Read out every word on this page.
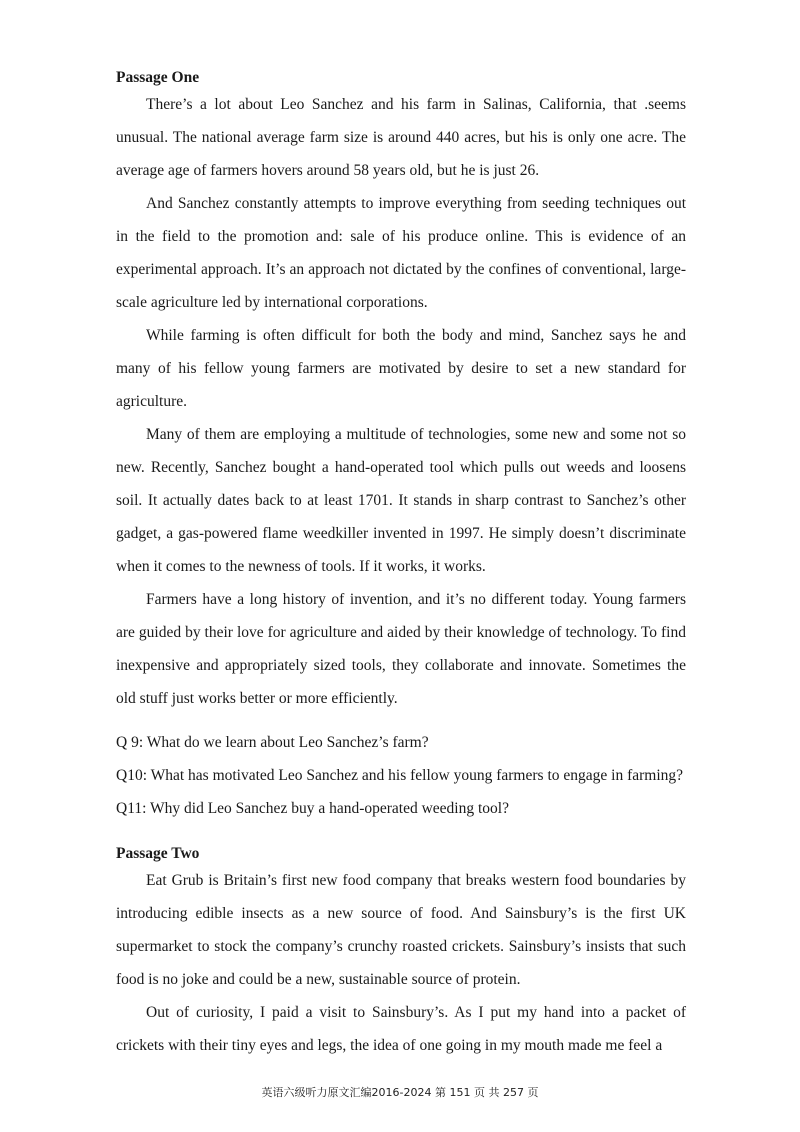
Passage One

There’s a lot about Leo Sanchez and his farm in Salinas, California, that .seems unusual. The national average farm size is around 440 acres, but his is only one acre. The average age of farmers hovers around 58 years old, but he is just 26.

And Sanchez constantly attempts to improve everything from seeding techniques out in the field to the promotion and: sale of his produce online. This is evidence of an experimental approach. It’s an approach not dictated by the confines of conventional, large-scale agriculture led by international corporations.

While farming is often difficult for both the body and mind, Sanchez says he and many of his fellow young farmers are motivated by desire to set a new standard for agriculture.

Many of them are employing a multitude of technologies, some new and some not so new. Recently, Sanchez bought a hand-operated tool which pulls out weeds and loosens soil. It actually dates back to at least 1701. It stands in sharp contrast to Sanchez’s other gadget, a gas-powered flame weedkiller invented in 1997. He simply doesn’t discriminate when it comes to the newness of tools. If it works, it works.

Farmers have a long history of invention, and it’s no different today. Young farmers are guided by their love for agriculture and aided by their knowledge of technology. To find inexpensive and appropriately sized tools, they collaborate and innovate. Sometimes the old stuff just works better or more efficiently.

Q 9: What do we learn about Leo Sanchez’s farm?

Q10: What has motivated Leo Sanchez and his fellow young farmers to engage in farming?

Q11: Why did Leo Sanchez buy a hand-operated weeding tool?

Passage Two

Eat Grub is Britain’s first new food company that breaks western food boundaries by introducing edible insects as a new source of food. And Sainsbury’s is the first UK supermarket to stock the company’s crunchy roasted crickets. Sainsbury’s insists that such food is no joke and could be a new, sustainable source of protein.

Out of curiosity, I paid a visit to Sainsbury’s. As I put my hand into a packet of crickets with their tiny eyes and legs, the idea of one going in my mouth made me feel a

英语六级听力原文汇编2016-2024 第 151 页 共 257 页
